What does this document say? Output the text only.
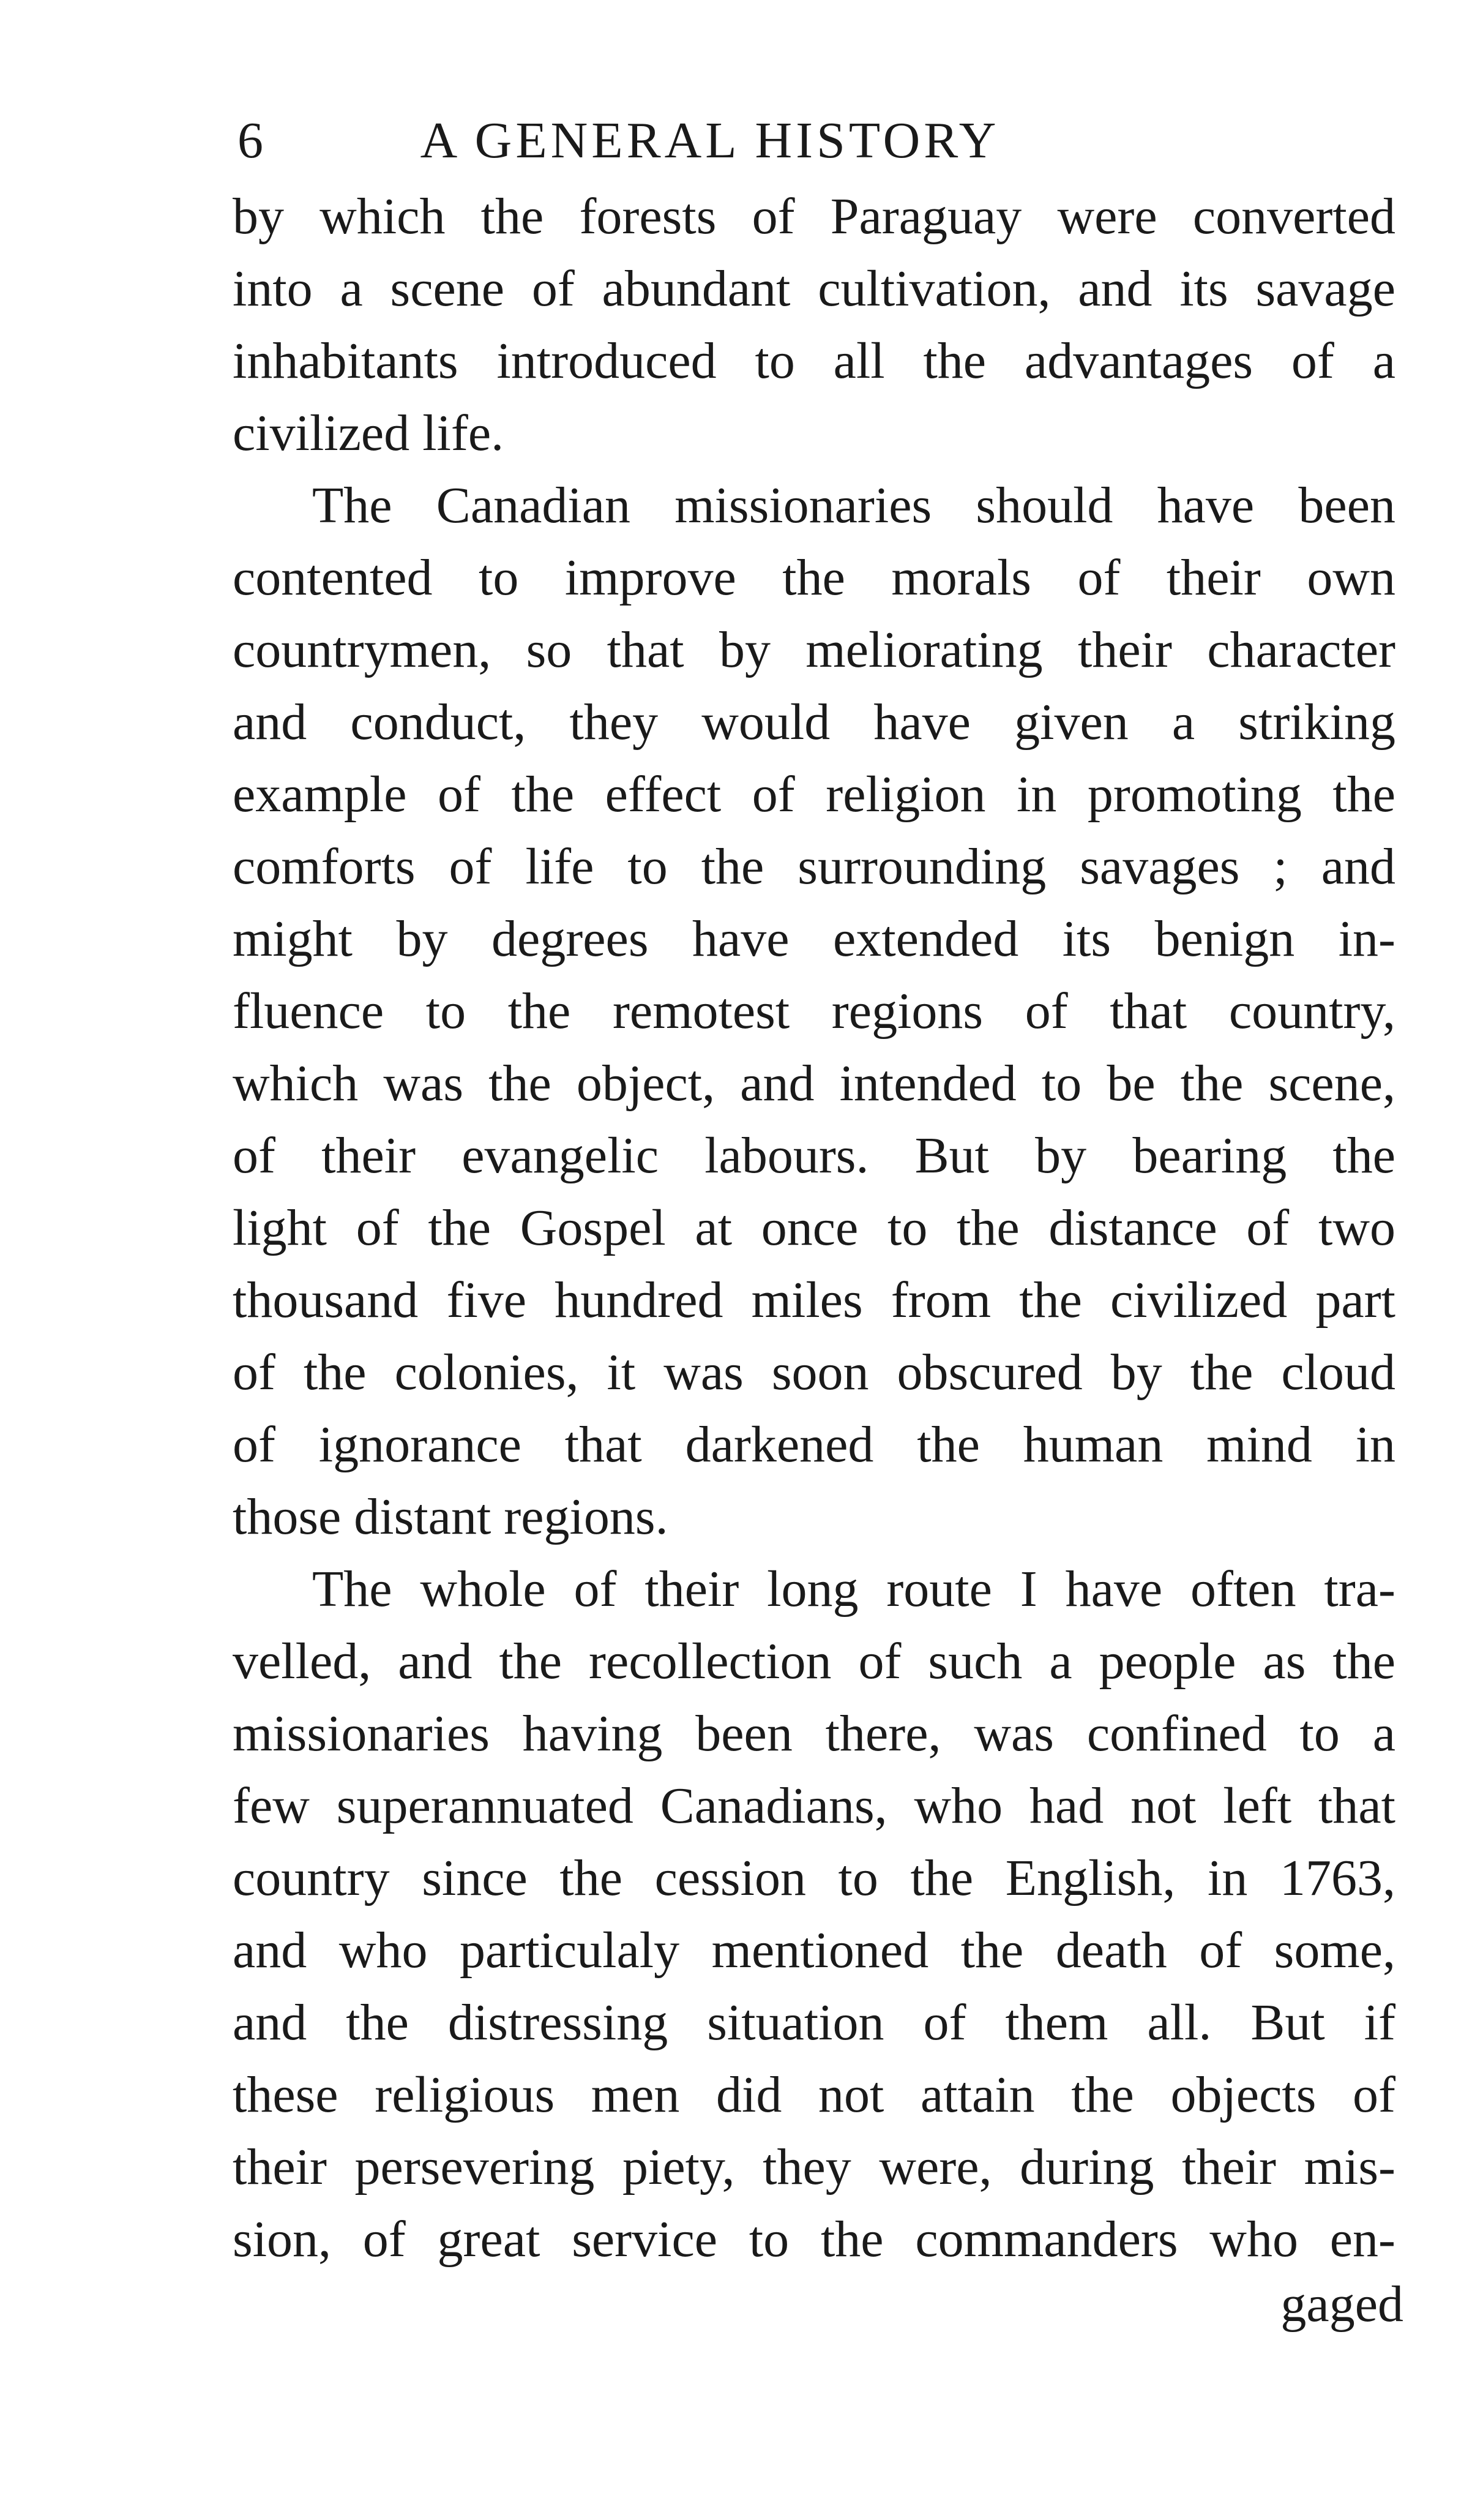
6	A GENERAL HISTORY
by which the forests of Paraguay were converted
into a scene of abundant cultivation, and its savage
inhabitants introduced to all the advantages of a
civilized life.
The Canadian missionaries should have been
contented to improve the morals of their own
countrymen, so that by meliorating their character
and conduct, they would have given a striking
example of the effect of religion in promoting the
comforts of life to the surrounding savages ; and
might by degrees have extended its benign in-
fluence to the remotest regions of that country,
which was the object, and intended to be the scene,
of their evangelic labours. But by bearing the
light of the Gospel at once to the distance of two
thousand five hundred miles from the civilized part
of the colonies, it was soon obscured by the cloud
of ignorance that darkened the human mind in
those distant regions.
The whole of their long route I have often tra-
velled, and the recollection of such a people as the
missionaries having been there, was confined to a
few superannuated Canadians, who had not left that
country since the cession to the English, in 1763,
and who particulaly mentioned the death of some,
and the distressing situation of them all. But if
these religious men did not attain the objects of
their persevering piety, they were, during their mis-
sion, of great service to the commanders who en-
gaged
